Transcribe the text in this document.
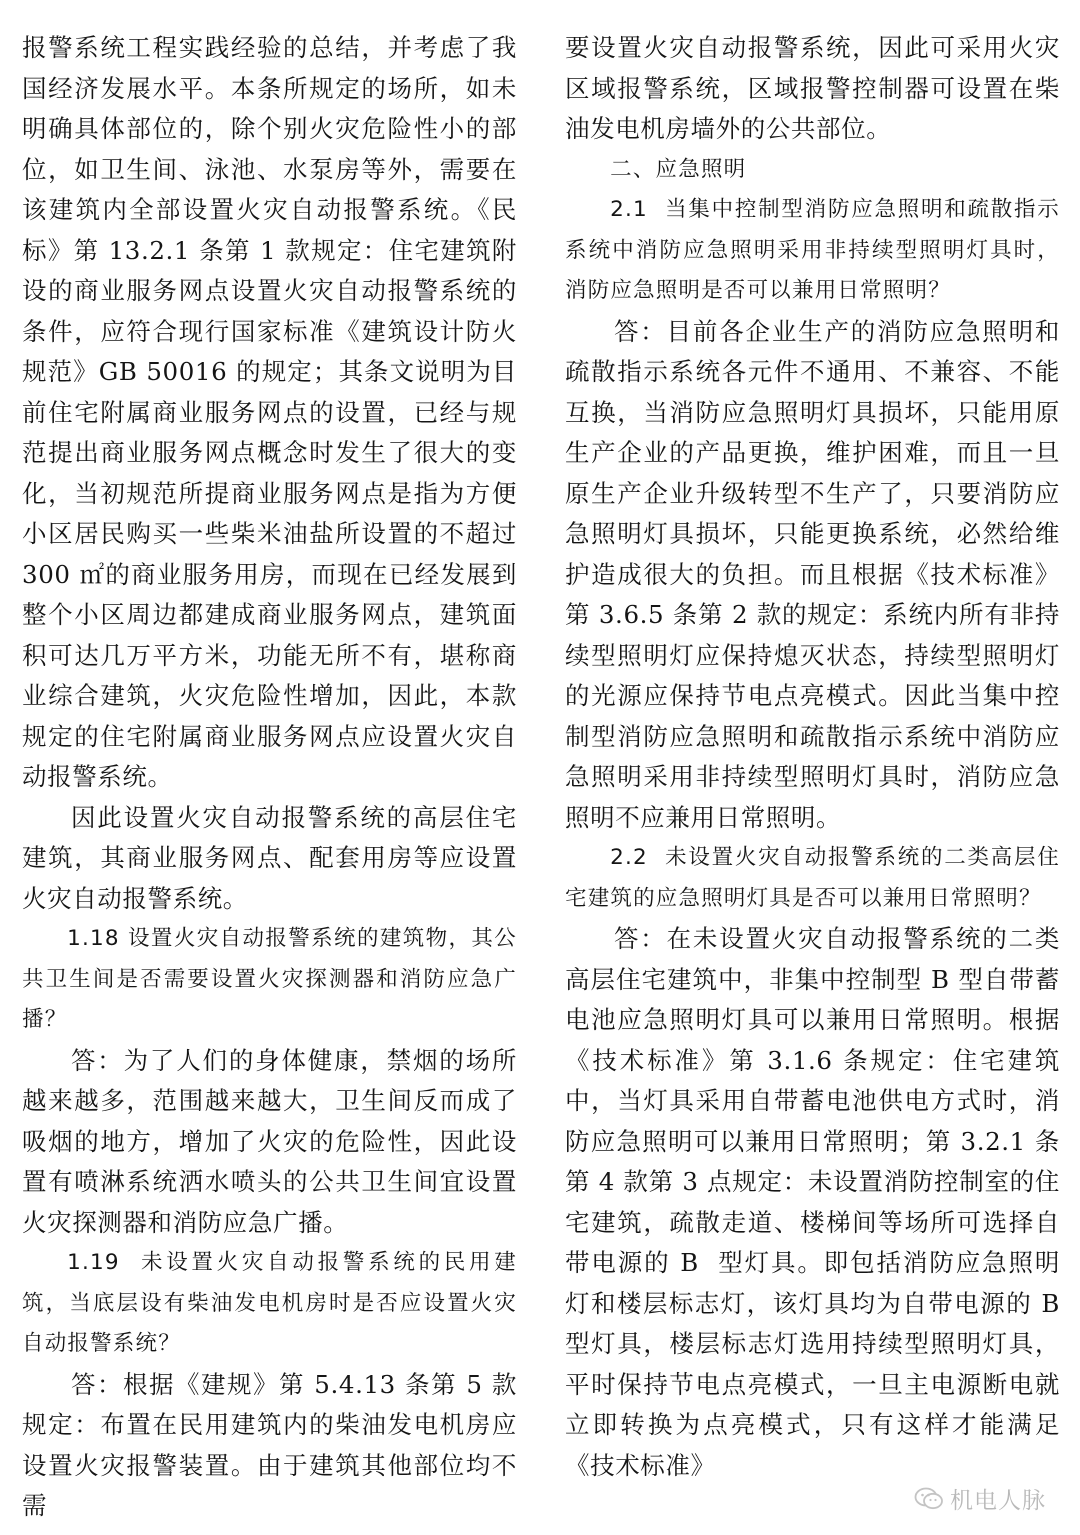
报警系统工程实践经验的总结，并考虑了我国经济发展水平。本条所规定的场所，如未明确具体部位的，除个别火灾危险性小的部位，如卫生间、泳池、水泵房等外，需要在该建筑内全部设置火灾自动报警系统。《民标》第 13.2.1 条第 1 款规定：住宅建筑附设的商业服务网点设置火灾自动报警系统的条件，应符合现行国家标准《建筑设计防火规范》GB 50016 的规定；其条文说明为目前住宅附属商业服务网点的设置，已经与规范提出商业服务网点概念时发生了很大的变化，当初规范所提商业服务网点是指为方便小区居民购买一些柴米油盐所设置的不超过 300 ㎡的商业服务用房，而现在已经发展到整个小区周边都建成商业服务网点，建筑面积可达几万平方米，功能无所不有，堪称商业综合建筑，火灾危险性增加，因此，本款规定的住宅附属商业服务网点应设置火灾自动报警系统。

因此设置火灾自动报警系统的高层住宅建筑，其商业服务网点、配套用房等应设置火灾自动报警系统。

1.18 设置火灾自动报警系统的建筑物，其公共卫生间是否需要设置火灾探测器和消防应急广播？

答：为了人们的身体健康，禁烟的场所越来越多，范围越来越大，卫生间反而成了吸烟的地方，增加了火灾的危险性，因此设置有喷淋系统洒水喷头的公共卫生间宜设置火灾探测器和消防应急广播。

1.19  未设置火灾自动报警系统的民用建筑，当底层设有柴油发电机房时是否应设置火灾自动报警系统？

答：根据《建规》第 5.4.13 条第 5 款规定：布置在民用建筑内的柴油发电机房应设置火灾报警装置。由于建筑其他部位均不需

要设置火灾自动报警系统，因此可采用火灾区域报警系统，区域报警控制器可设置在柴油发电机房墙外的公共部位。

二、应急照明

2.1  当集中控制型消防应急照明和疏散指示系统中消防应急照明采用非持续型照明灯具时，消防应急照明是否可以兼用日常照明？

答：目前各企业生产的消防应急照明和疏散指示系统各元件不通用、不兼容、不能互换，当消防应急照明灯具损坏，只能用原生产企业的产品更换，维护困难，而且一旦原生产企业升级转型不生产了，只要消防应急照明灯具损坏，只能更换系统，必然给维护造成很大的负担。而且根据《技术标准》第 3.6.5 条第 2 款的规定：系统内所有非持续型照明灯应保持熄灭状态，持续型照明灯的光源应保持节电点亮模式。因此当集中控制型消防应急照明和疏散指示系统中消防应急照明采用非持续型照明灯具时，消防应急照明不应兼用日常照明。

2.2  未设置火灾自动报警系统的二类高层住宅建筑的应急照明灯具是否可以兼用日常照明？

答：在未设置火灾自动报警系统的二类高层住宅建筑中，非集中控制型 B 型自带蓄电池应急照明灯具可以兼用日常照明。根据《技术标准》第 3.1.6 条规定：住宅建筑中，当灯具采用自带蓄电池供电方式时，消防应急照明可以兼用日常照明；第 3.2.1 条第 4 款第 3 点规定：未设置消防控制室的住宅建筑，疏散走道、楼梯间等场所可选择自带电源的 B  型灯具。即包括消防应急照明灯和楼层标志灯，该灯具均为自带电源的 B 型灯具，楼层标志灯选用持续型照明灯具，平时保持节电点亮模式，一旦主电源断电就立即转换为点亮模式，只有这样才能满足《技术标准》

机电人脉
